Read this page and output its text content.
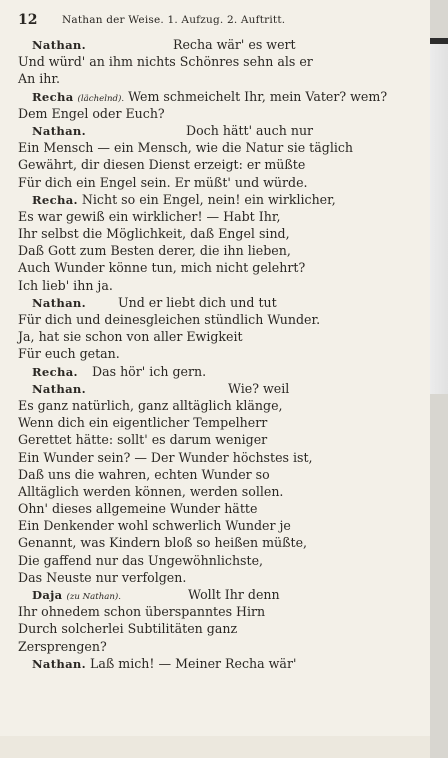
12 Nathan der Weise. 1. Aufzug. 2. Auftritt.
Nathan.	Recha wär' es wert
Und würd' an ihm nichts Schönres sehn als er
An ihr.
Recha (lächelnd). Wem schmeichelt Ihr, mein Vater? wem?
Dem Engel oder Euch?
Nathan.	Doch hätt' auch nur
Ein Mensch — ein Mensch, wie die Natur sie täglich
Gewährt, dir diesen Dienst erzeigt: er müßte
Für dich ein Engel sein. Er müßt' und würde.
Recha. Nicht so ein Engel, nein! ein wirklicher,
Es war gewiß ein wirklicher! — Habt Ihr,
Ihr selbst die Möglichkeit, daß Engel sind,
Daß Gott zum Besten derer, die ihn lieben,
Auch Wunder könne tun, mich nicht gelehrt?
Ich lieb' ihn ja.
Nathan.	Und er liebt dich und tut
Für dich und deinesgleichen stündlich Wunder.
Ja, hat sie schon von aller Ewigkeit
Für euch getan.
Recha. Das hör' ich gern.
Nathan.	Wie? weil
Es ganz natürlich, ganz alltäglich klänge,
Wenn dich ein eigentlicher Tempelherr
Gerettet hätte: sollt' es darum weniger
Ein Wunder sein? — Der Wunder höchstes ist,
Daß uns die wahren, echten Wunder so
Alltäglich werden können, werden sollen.
Ohn' dieses allgemeine Wunder hätte
Ein Denkender wohl schwerlich Wunder je
Genannt, was Kindern bloß so heißen müßte,
Die gaffend nur das Ungewöhnlichste,
Das Neuste nur verfolgen.
Daja (zu Nathan).	Wollt Ihr denn
Ihr ohnedem schon überspanntes Hirn
Durch solcherlei Subtilitäten ganz
Zersprengen?
Nathan. Laß mich! — Meiner Recha wär'
